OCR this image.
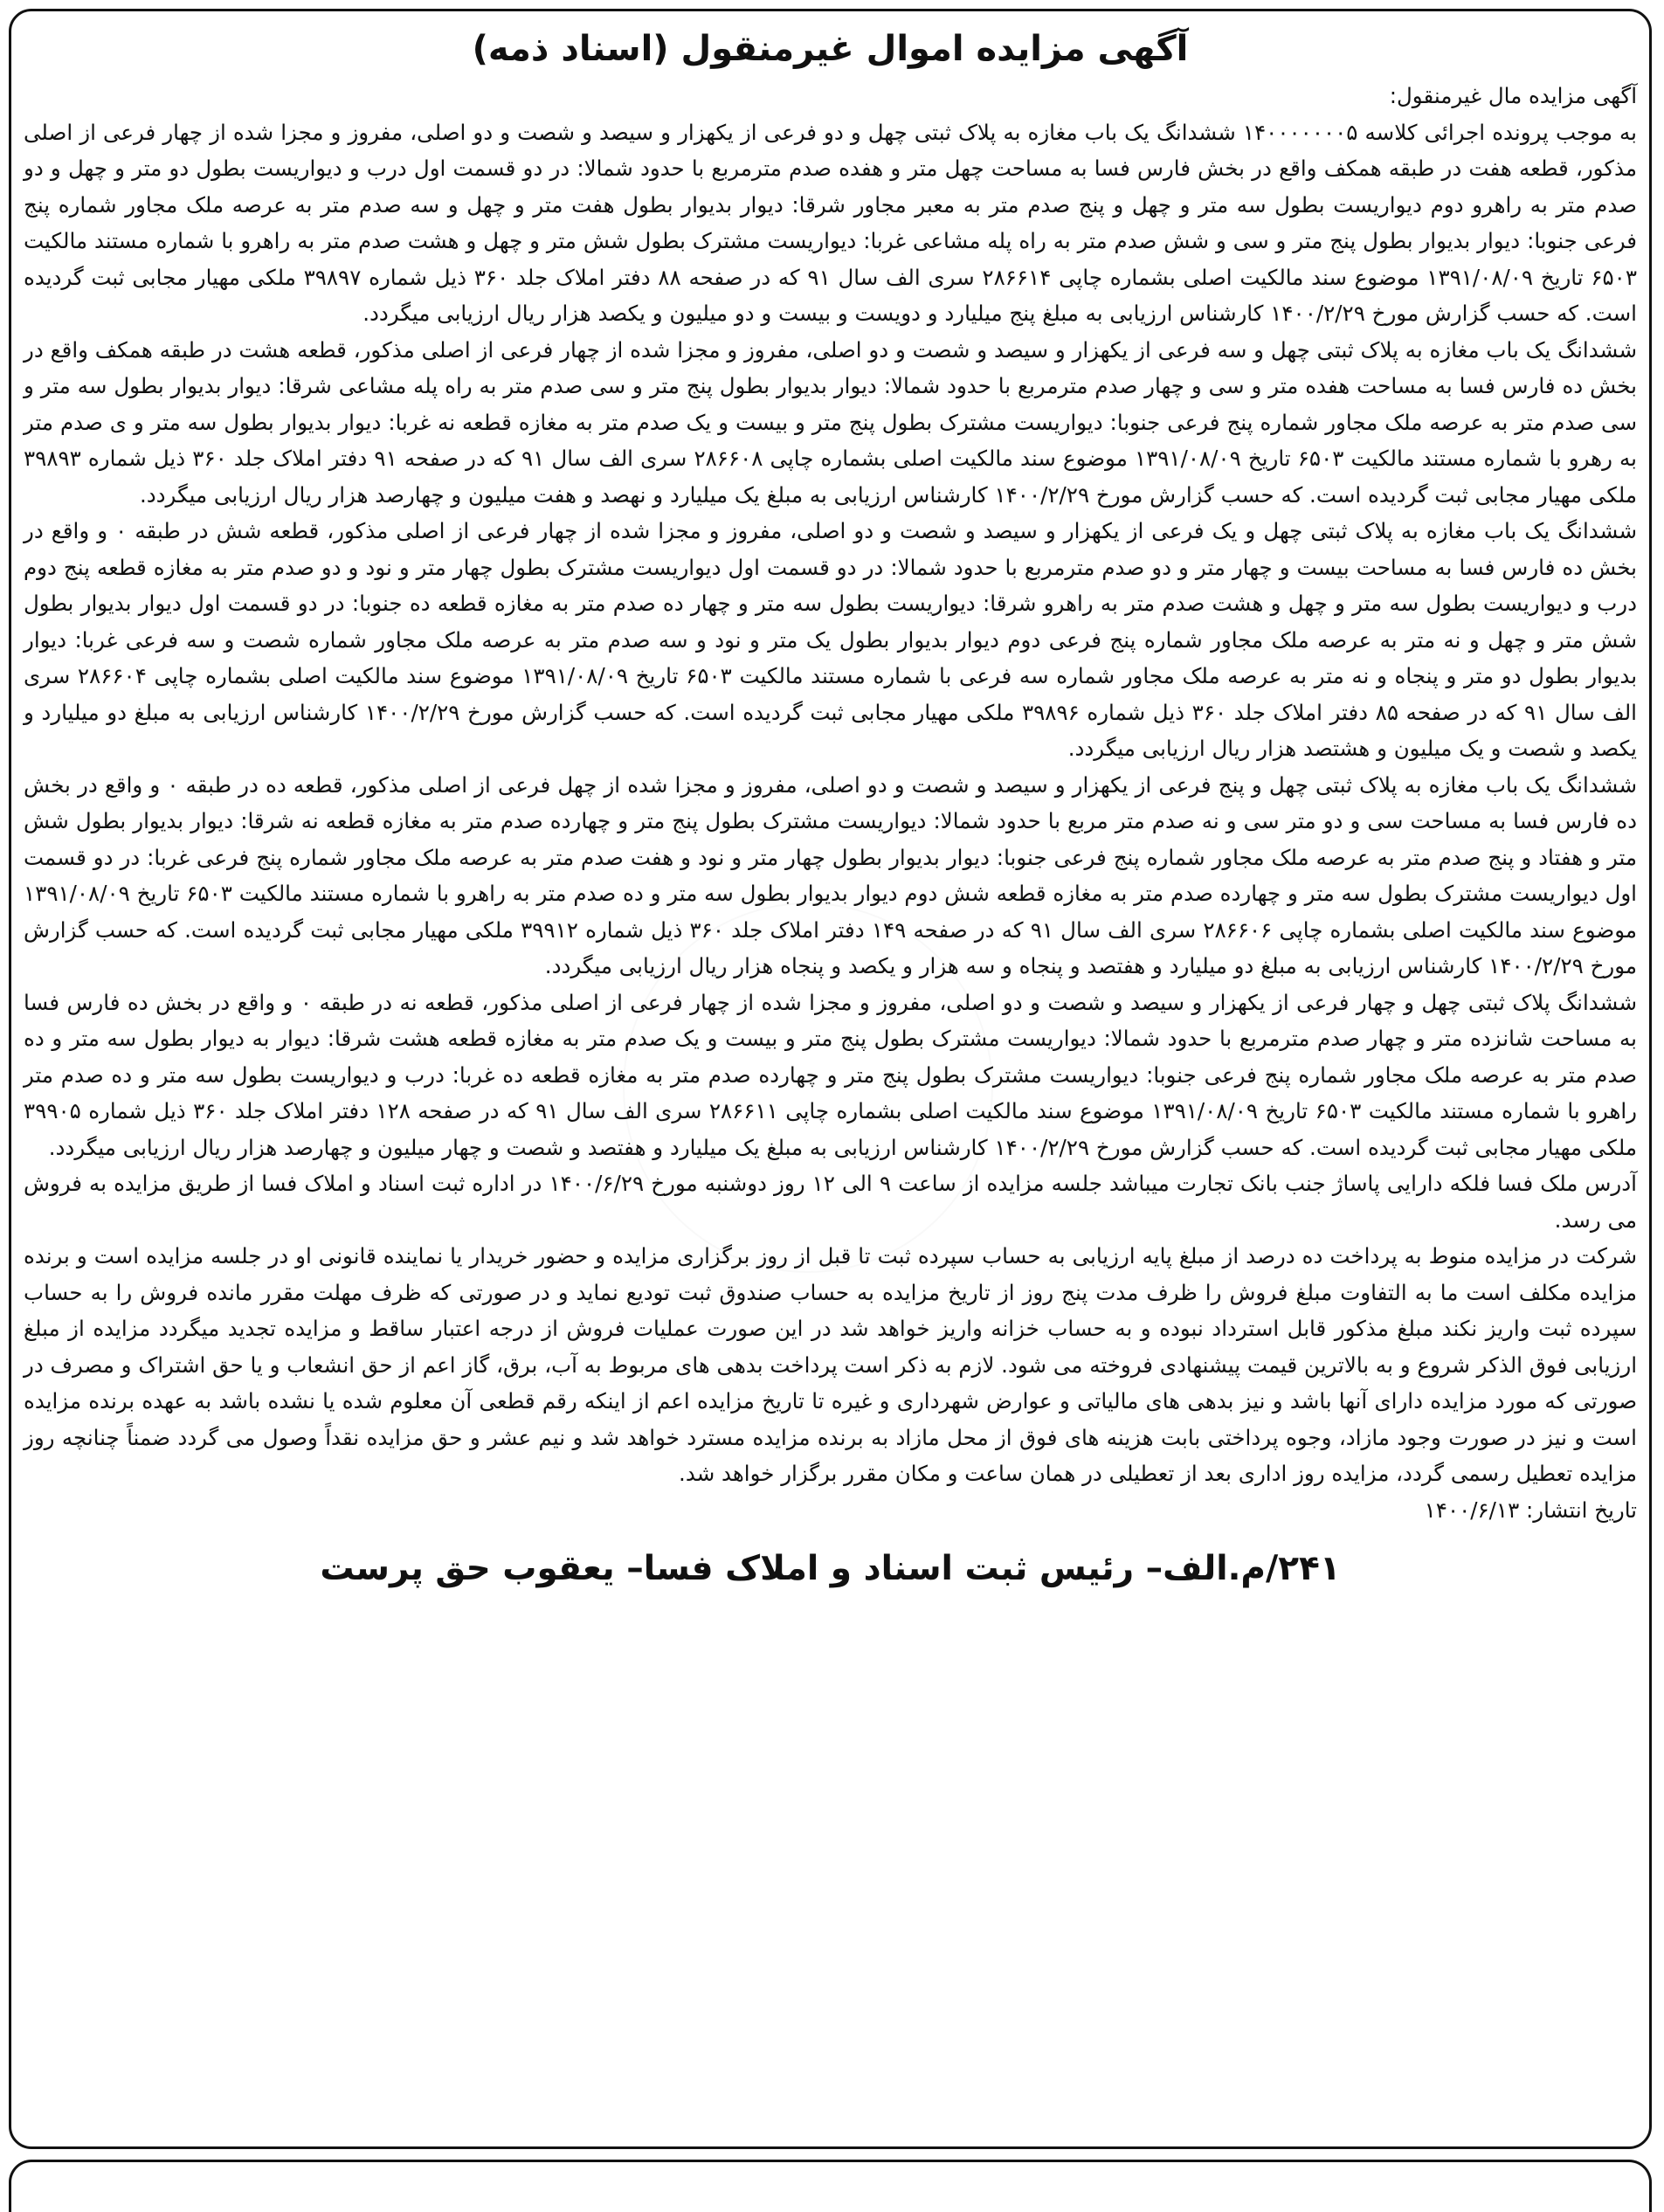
آگهی مزایده اموال غیرمنقول (اسناد ذمه)

آگهی مزایده مال غیرمنقول:

به موجب پرونده اجرائی کلاسه ۱۴۰۰۰۰۰۰۰۵ ششدانگ یک باب مغازه به پلاک ثبتی چهل و دو فرعی از یکهزار و سیصد و شصت و دو اصلی، مفروز و مجزا شده از چهار فرعی از اصلی مذکور، قطعه هفت در طبقه همکف واقع در بخش فارس فسا به مساحت چهل متر و هفده صدم مترمربع با حدود شمالا: در دو قسمت اول درب و دیواریست بطول دو متر و چهل و دو صدم متر به راهرو دوم دیواریست بطول سه متر و چهل و پنج صدم متر به معبر مجاور شرقا: دیوار بدیوار بطول هفت متر و چهل و سه صدم متر به عرصه ملک مجاور شماره پنج فرعی جنوبا: دیوار بدیوار بطول پنج متر و سی و شش صدم متر به راه پله مشاعی غربا: دیواریست مشترک بطول شش متر و چهل و هشت صدم متر به راهرو با شماره مستند مالکیت ۶۵۰۳ تاریخ ۱۳۹۱/۰۸/۰۹ موضوع سند مالکیت اصلی بشماره چاپی ۲۸۶۶۱۴ سری الف سال ۹۱ که در صفحه ۸۸ دفتر املاک جلد ۳۶۰ ذیل شماره ۳۹۸۹۷ ملکی مهیار مجابی ثبت گردیده است. که حسب گزارش مورخ ۱۴۰۰/۲/۲۹ کارشناس ارزیابی به مبلغ پنج میلیارد و دویست و بیست و دو میلیون و یکصد هزار ریال ارزیابی میگردد.

ششدانگ یک باب مغازه به پلاک ثبتی چهل و سه فرعی از یکهزار و سیصد و شصت و دو اصلی، مفروز و مجزا شده از چهار فرعی از اصلی مذکور، قطعه هشت در طبقه همکف واقع در بخش ده فارس فسا به مساحت هفده متر و سی و چهار صدم مترمربع با حدود شمالا: دیوار بدیوار بطول پنج متر و سی صدم متر به راه پله مشاعی شرقا: دیوار بدیوار بطول سه متر و سی صدم متر به عرصه ملک مجاور شماره پنج فرعی جنوبا: دیواریست مشترک بطول پنج متر و بیست و یک صدم متر به مغازه قطعه نه غربا: دیوار بدیوار بطول سه متر و ی صدم متر به رهرو با شماره مستند مالکیت ۶۵۰۳ تاریخ ۱۳۹۱/۰۸/۰۹ موضوع سند مالکیت اصلی بشماره چاپی ۲۸۶۶۰۸ سری الف سال ۹۱ که در صفحه ۹۱ دفتر املاک جلد ۳۶۰ ذیل شماره ۳۹۸۹۳ ملکی مهیار مجابی ثبت گردیده است. که حسب گزارش مورخ ۱۴۰۰/۲/۲۹ کارشناس ارزیابی به مبلغ یک میلیارد و نهصد و هفت میلیون و چهارصد هزار ریال ارزیابی میگردد.

ششدانگ یک باب مغازه به پلاک ثبتی چهل و یک فرعی از یکهزار و سیصد و شصت و دو اصلی، مفروز و مجزا شده از چهار فرعی از اصلی مذکور، قطعه شش در طبقه ۰ و واقع در بخش ده فارس فسا به مساحت بیست و چهار متر و دو صدم مترمربع با حدود شمالا: در دو قسمت اول دیواریست مشترک بطول چهار متر و نود و دو صدم متر به مغازه قطعه پنج دوم درب و دیواریست بطول سه متر و چهل و هشت صدم متر به راهرو شرقا: دیواریست بطول سه متر و چهار ده صدم متر به مغازه قطعه ده جنوبا: در دو قسمت اول دیوار بدیوار بطول شش متر و چهل و نه متر به عرصه ملک مجاور شماره پنج فرعی دوم دیوار بدیوار بطول یک متر و نود و سه صدم متر به عرصه ملک مجاور شماره شصت و سه فرعی غربا: دیوار بدیوار بطول دو متر و پنجاه و نه متر به عرصه ملک مجاور شماره سه فرعی با شماره مستند مالکیت ۶۵۰۳ تاریخ ۱۳۹۱/۰۸/۰۹ موضوع سند مالکیت اصلی بشماره چاپی ۲۸۶۶۰۴ سری الف سال ۹۱ که در صفحه ۸۵ دفتر املاک جلد ۳۶۰ ذیل شماره ۳۹۸۹۶ ملکی مهیار مجابی ثبت گردیده است. که حسب گزارش مورخ ۱۴۰۰/۲/۲۹ کارشناس ارزیابی به مبلغ دو میلیارد و یکصد و شصت و یک میلیون و هشتصد هزار ریال ارزیابی میگردد.

ششدانگ یک باب مغازه به پلاک ثبتی چهل و پنج فرعی از یکهزار و سیصد و شصت و دو اصلی، مفروز و مجزا شده از چهل فرعی از اصلی مذکور، قطعه ده در طبقه ۰ و واقع در بخش ده فارس فسا به مساحت سی و دو متر سی و نه صدم متر مربع با حدود شمالا: دیواریست مشترک بطول پنج متر و چهارده صدم متر به مغازه قطعه نه شرقا: دیوار بدیوار بطول شش متر و هفتاد و پنج صدم متر به عرصه ملک مجاور شماره پنج فرعی جنوبا: دیوار بدیوار بطول چهار متر و نود و هفت صدم متر به عرصه ملک مجاور شماره پنج فرعی غربا: در دو قسمت اول دیواریست مشترک بطول سه متر و چهارده صدم متر به مغازه قطعه شش دوم دیوار بدیوار بطول سه متر و ده صدم متر به راهرو با شماره مستند مالکیت ۶۵۰۳ تاریخ ۱۳۹۱/۰۸/۰۹ موضوع سند مالکیت اصلی بشماره چاپی ۲۸۶۶۰۶ سری الف سال ۹۱ که در صفحه ۱۴۹ دفتر املاک جلد ۳۶۰ ذیل شماره ۳۹۹۱۲ ملکی مهیار مجابی ثبت گردیده است. که حسب گزارش مورخ ۱۴۰۰/۲/۲۹ کارشناس ارزیابی به مبلغ دو میلیارد و هفتصد و پنجاه و سه هزار و یکصد و پنجاه هزار ریال ارزیابی میگردد.

ششدانگ پلاک ثبتی چهل و چهار فرعی از یکهزار و سیصد و شصت و دو اصلی، مفروز و مجزا شده از چهار فرعی از اصلی مذکور، قطعه نه در طبقه ۰ و واقع در بخش ده فارس فسا به مساحت شانزده متر و چهار صدم مترمربع با حدود شمالا: دیواریست مشترک بطول پنج متر و بیست و یک صدم متر به مغازه قطعه هشت شرقا: دیوار به دیوار بطول سه متر و ده صدم متر به عرصه ملک مجاور شماره پنج فرعی جنوبا: دیواریست مشترک بطول پنج متر و چهارده صدم متر به مغازه قطعه ده غربا: درب و دیواریست بطول سه متر و ده صدم متر راهرو با شماره مستند مالکیت ۶۵۰۳ تاریخ ۱۳۹۱/۰۸/۰۹ موضوع سند مالکیت اصلی بشماره چاپی ۲۸۶۶۱۱ سری الف سال ۹۱ که در صفحه ۱۲۸ دفتر املاک جلد ۳۶۰ ذیل شماره ۳۹۹۰۵ ملکی مهیار مجابی ثبت گردیده است. که حسب گزارش مورخ ۱۴۰۰/۲/۲۹ کارشناس ارزیابی به مبلغ یک میلیارد و هفتصد و شصت و چهار میلیون و چهارصد هزار ریال ارزیابی میگردد.

آدرس ملک فسا فلکه دارایی پاساژ جنب بانک تجارت میباشد جلسه مزایده از ساعت ۹ الی ۱۲ روز دوشنبه مورخ ۱۴۰۰/۶/۲۹ در اداره ثبت اسناد و املاک فسا از طریق مزایده به فروش می رسد.

شرکت در مزایده منوط به پرداخت ده درصد از مبلغ پایه ارزیابی به حساب سپرده ثبت تا قبل از روز برگزاری مزایده و حضور خریدار یا نماینده قانونی او در جلسه مزایده است و برنده مزایده مکلف است ما به التفاوت مبلغ فروش را ظرف مدت پنج روز از تاریخ مزایده به حساب صندوق ثبت تودیع نماید و در صورتی که ظرف مهلت مقرر مانده فروش را به حساب سپرده ثبت واریز نکند مبلغ مذکور قابل استرداد نبوده و به حساب خزانه واریز خواهد شد در این صورت عملیات فروش از درجه اعتبار ساقط و مزایده تجدید میگردد مزایده از مبلغ ارزیابی فوق الذکر شروع و به بالاترین قیمت پیشنهادی فروخته می شود. لازم به ذکر است پرداخت بدهی های مربوط به آب، برق، گاز اعم از حق انشعاب و یا حق اشتراک و مصرف در صورتی که مورد مزایده دارای آنها باشد و نیز بدهی های مالیاتی و عوارض شهرداری و غیره تا تاریخ مزایده اعم از اینکه رقم قطعی آن معلوم شده یا نشده باشد به عهده برنده مزایده است و نیز در صورت وجود مازاد، وجوه پرداختی بابت هزینه های فوق از محل مازاد به برنده مزایده مسترد خواهد شد و نیم عشر و حق مزایده نقداً وصول می گردد ضمناً چنانچه روز مزایده تعطیل رسمی گردد، مزایده روز اداری بعد از تعطیلی در همان ساعت و مکان مقرر برگزار خواهد شد.

تاریخ انتشار: ۱۴۰۰/۶/۱۳

۲۴۱/م.الف– رئیس ثبت اسناد و املاک فسا– یعقوب حق پرست
